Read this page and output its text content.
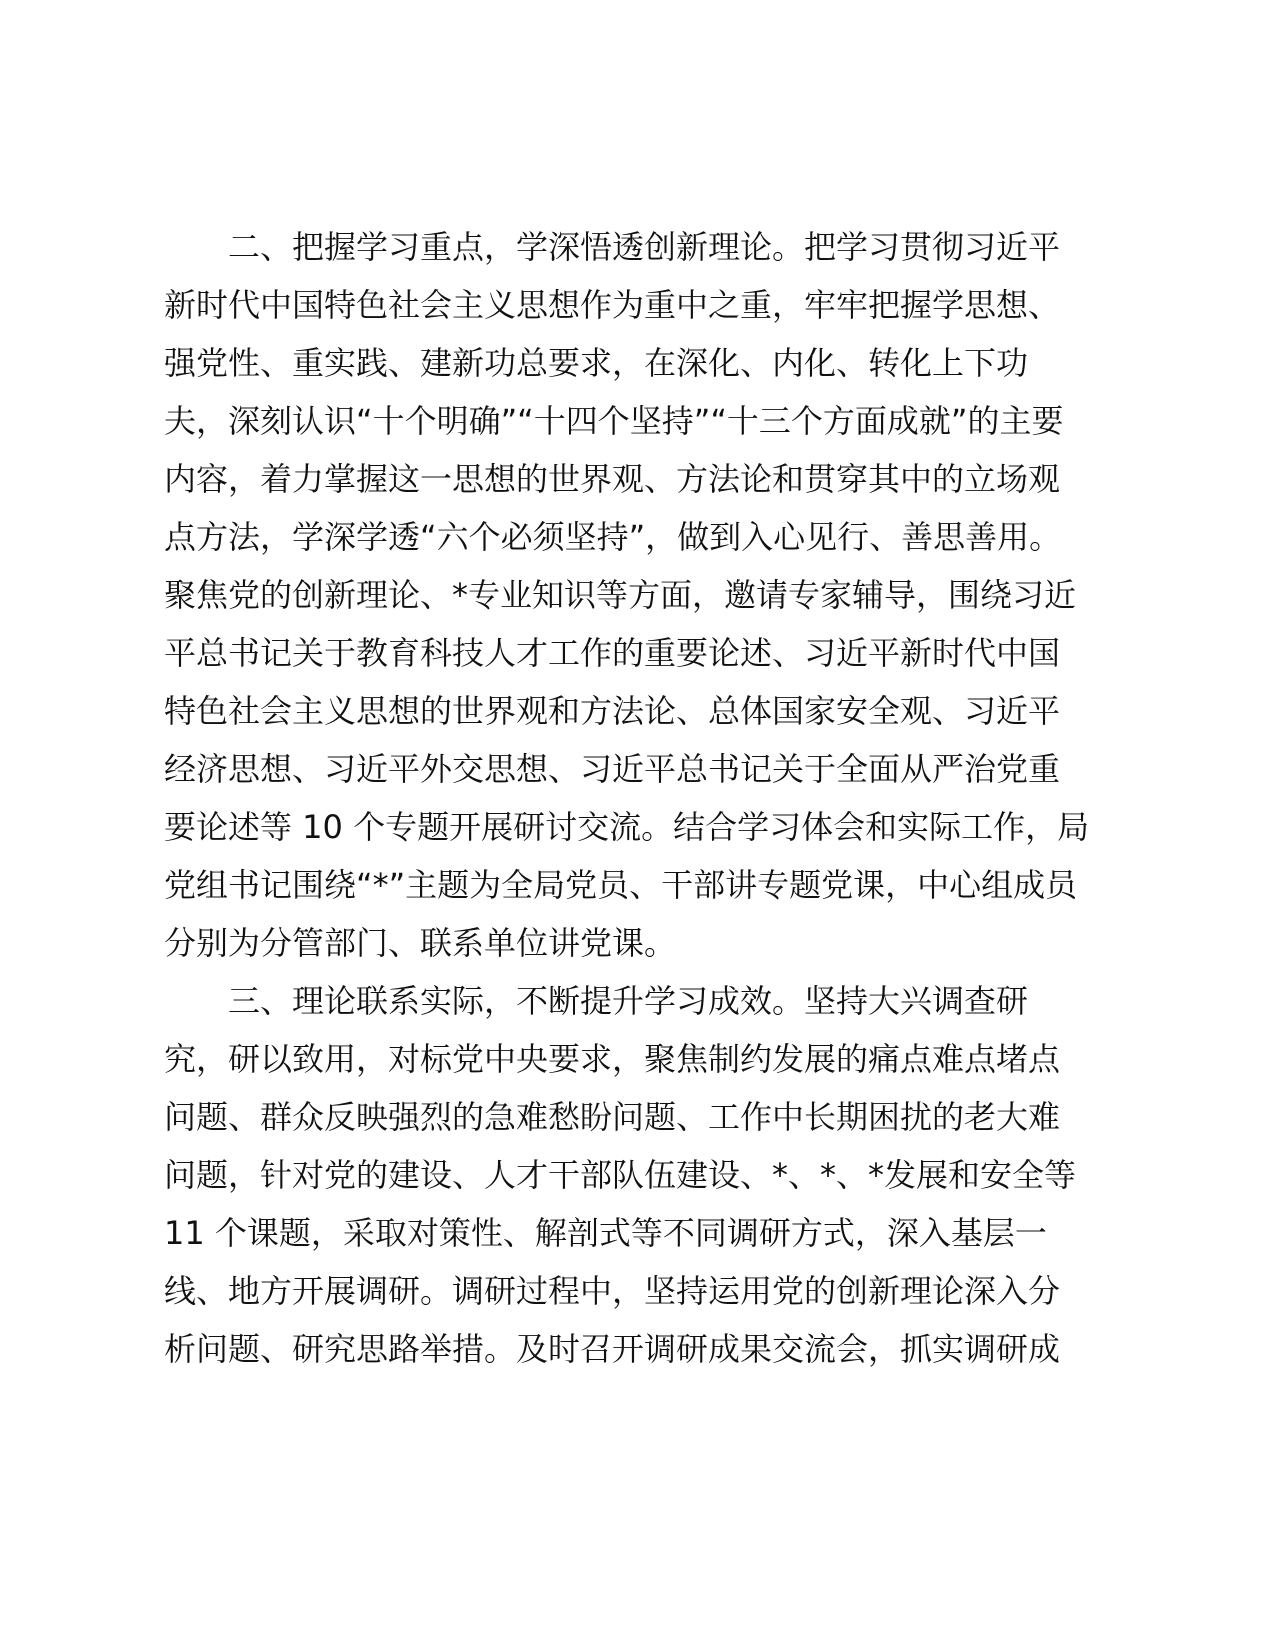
二、把握学习重点，学深悟透创新理论。把学习贯彻习近平
新时代中国特色社会主义思想作为重中之重，牢牢把握学思想、
强党性、重实践、建新功总要求，在深化、内化、转化上下功
夫，深刻认识“十个明确”“十四个坚持”“十三个方面成就”的主要
内容，着力掌握这一思想的世界观、方法论和贯穿其中的立场观
点方法，学深学透“六个必须坚持”，做到入心见行、善思善用。
聚焦党的创新理论、*专业知识等方面，邀请专家辅导，围绕习近
平总书记关于教育科技人才工作的重要论述、习近平新时代中国
特色社会主义思想的世界观和方法论、总体国家安全观、习近平
经济思想、习近平外交思想、习近平总书记关于全面从严治党重
要论述等 10 个专题开展研讨交流。结合学习体会和实际工作，局
党组书记围绕“*”主题为全局党员、干部讲专题党课，中心组成员
分别为分管部门、联系单位讲党课。
三、理论联系实际，不断提升学习成效。坚持大兴调查研
究，研以致用，对标党中央要求，聚焦制约发展的痛点难点堵点
问题、群众反映强烈的急难愁盼问题、工作中长期困扰的老大难
问题，针对党的建设、人才干部队伍建设、*、*、*发展和安全等
11 个课题，采取对策性、解剖式等不同调研方式，深入基层一
线、地方开展调研。调研过程中，坚持运用党的创新理论深入分
析问题、研究思路举措。及时召开调研成果交流会，抓实调研成
